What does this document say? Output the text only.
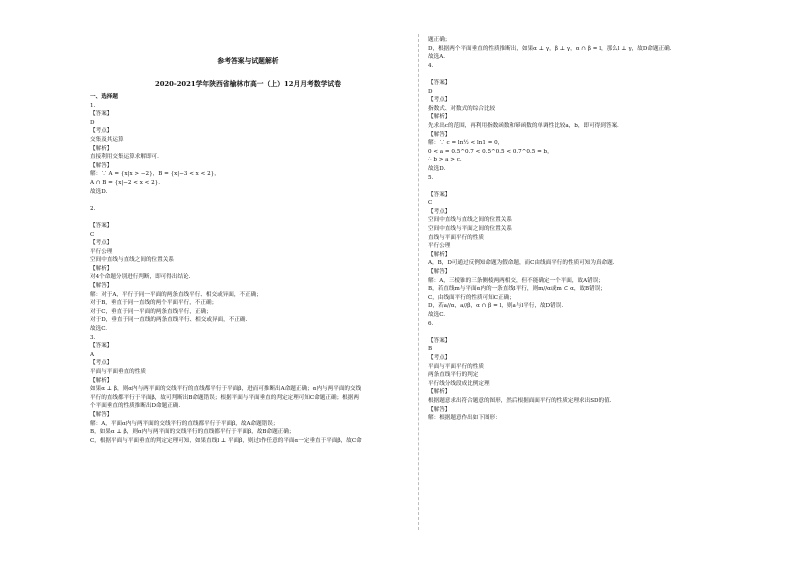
参考答案与试题解析
2020-2021学年陕西省榆林市高一（上）12月月考数学试卷
一、选择题
1.
【答案】
D
【考点】
交集及其运算
【解析】
直接利用交集运算求解即可.
【解答】
解：∵ A = {x|x > −2}，B = {x|−3 < x < 2}，
A ∩ B = {x|−2 < x < 2}.
故选D.
2.
【答案】
C
【考点】
平行公理
空间中直线与直线之间的位置关系
【解析】
对4个命题分别进行判断，即可得出结论.
【解答】
解：对于A，平行于同一平面的两条直线平行、相交或异面，不正确；
对于B，垂直于同一直线的两个平面平行，不正确；
对于C，垂直于同一平面的两条直线平行，正确；
对于D，垂直于同一直线的两条直线平行、相交或异面，不正确.
故选C.
3.
【答案】
A
【考点】
平面与平面垂直的性质
【解析】
如果α ⊥ β，则α内与两平面的交线平行的直线都平行于平面β，进而可推断出A命题正确；α内与两平面的交线
平行的直线都平行于平面β，故可判断出B命题错误；根据平面与平面垂直的判定定理可知C命题正确；根据两
个平面垂直的性质推断出D命题正确.
【解答】
解：A，平面α内与两平面的交线平行的直线都平行于平面β，故A命题错误；
B，如果α ⊥ β，则α内与两平面的交线平行的直线都平行于平面β，故B命题正确；
C，根据平面与平面垂直的判定定理可知，如果直线l ⊥ 平面β，则过l作任意的平面α一定垂直于平面β，故C命
题正确；
D，根据两个平面垂直的性质推断出，如果α ⊥ γ，β ⊥ γ，α ∩ β = l，那么l ⊥ γ，故D命题正确.
故选A.
4.
【答案】
D
【考点】
指数式、对数式的综合比较
【解析】
先求出c的范围，再利用指数函数和幂函数的单调性比较a，b，即可得到答案.
【解答】
解：∵ c = ln½ < ln1 = 0，
0 < a = 0.5^0.7 < 0.5^0.5 < 0.7^0.5 = b，
∴ b > a > c.
故选D.
5.
【答案】
C
【考点】
空间中直线与直线之间的位置关系
空间中直线与平面之间的位置关系
直线与平面平行的性质
平行公理
【解析】
A，B，D可通过反例知命题为假命题，而C由线面平行的性质可知为真命题.
【解答】
解：A，三棱锥的三条侧棱两两相交，但不能确定一个平面，故A错误；
B，若直线m与平面α内的一条直线l平行，则m//α或m ⊂ α，故B错误；
C，由线面平行的性质可知C正确；
D，若a//α，a//β，α ∩ β = l，则a与l平行，故D错误.
故选C.
6.
【答案】
B
【考点】
平面与平面平行的性质
两条直线平行的判定
平行线分线段成比例定理
【解析】
根据题意求出符合题意的图形，然后根据面面平行的性质定理求出SD的值.
【解答】
解：根据题意作出如下图形：
